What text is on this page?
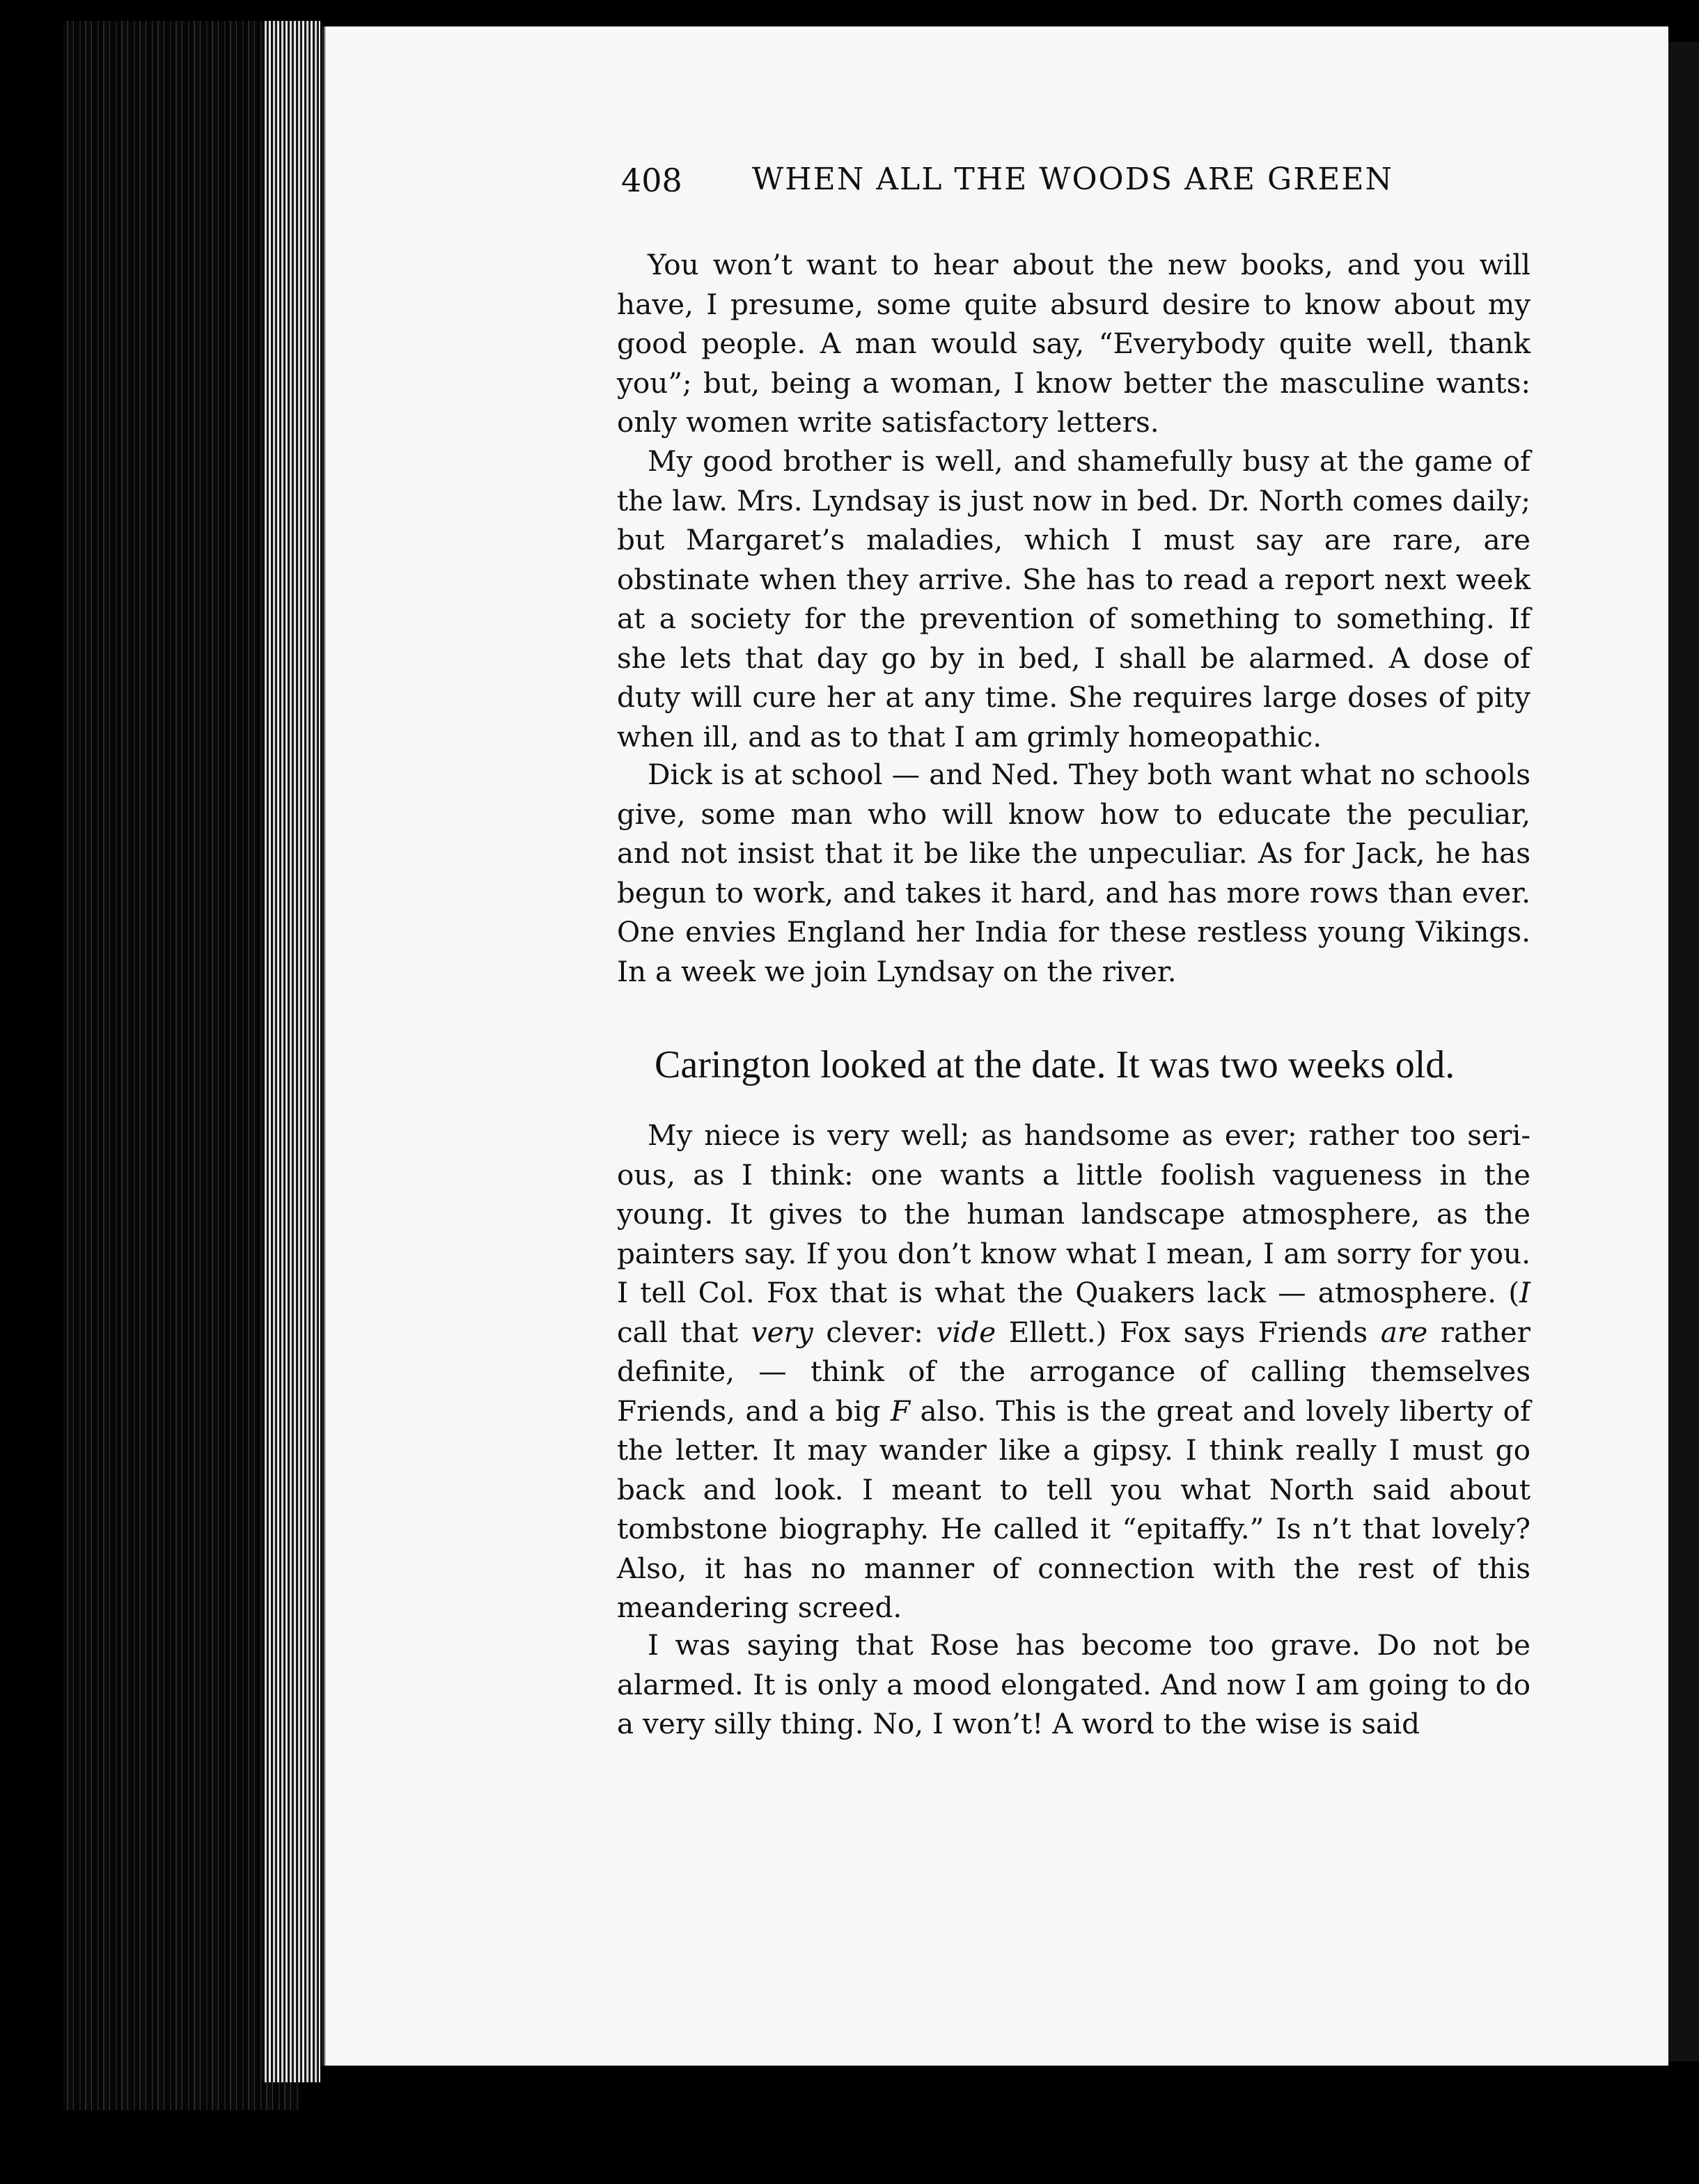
408 WHEN ALL THE WOODS ARE GREEN

You won’t want to hear about the new books, and you will have, I presume, some quite absurd desire to know about my good people. A man would say, “Everybody quite well, thank you”; but, being a woman, I know better the masculine wants: only women write satisfactory letters.

My good brother is well, and shamefully busy at the game of the law. Mrs. Lyndsay is just now in bed. Dr. North comes daily; but Margaret’s maladies, which I must say are rare, are obstinate when they arrive. She has to read a report next week at a society for the prevention of something to something. If she lets that day go by in bed, I shall be alarmed. A dose of duty will cure her at any time. She requires large doses of pity when ill, and as to that I am grimly homeopathic.

Dick is at school — and Ned. They both want what no schools give, some man who will know how to educate the peculiar, and not insist that it be like the unpeculiar. As for Jack, he has begun to work, and takes it hard, and has more rows than ever. One envies England her India for these restless young Vikings. In a week we join Lyndsay on the river.

Carington looked at the date. It was two weeks old.

My niece is very well; as handsome as ever; rather too serious, as I think: one wants a little foolish vagueness in the young. It gives to the human landscape atmosphere, as the painters say. If you don’t know what I mean, I am sorry for you. I tell Col. Fox that is what the Quakers lack — atmosphere. (I call that very clever: vide Ellett.) Fox says Friends are rather definite, — think of the arrogance of calling themselves Friends, and a big F also. This is the great and lovely liberty of the letter. It may wander like a gipsy. I think really I must go back and look. I meant to tell you what North said about tombstone biography. He called it “epitaffy.” Is n’t that lovely? Also, it has no manner of connection with the rest of this meandering screed.

I was saying that Rose has become too grave. Do not be alarmed. It is only a mood elongated. And now I am going to do a very silly thing. No, I won’t! A word to the wise is said
